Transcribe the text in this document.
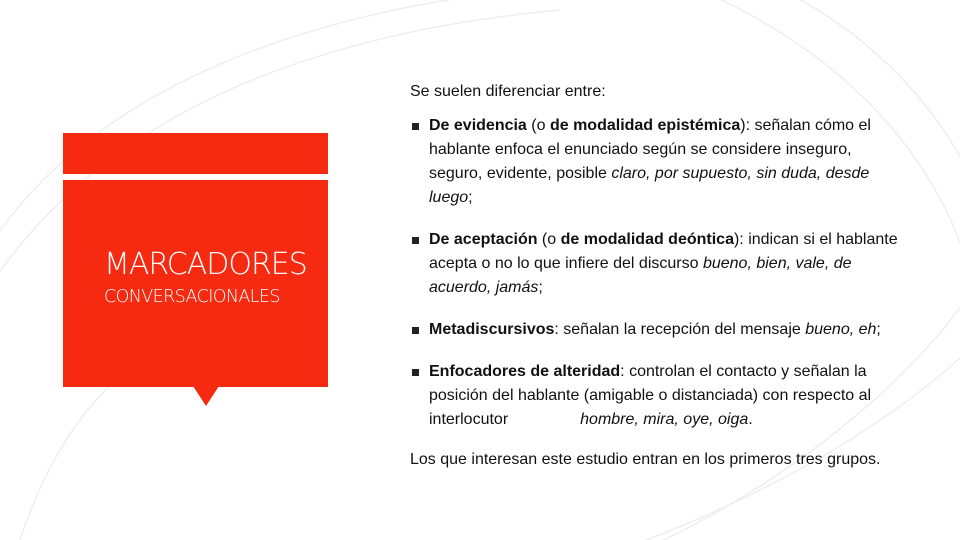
MARCADORES
CONVERSACIONALES

Se suelen diferenciar entre:

De evidencia (o de modalidad epistémica): señalan cómo el hablante enfoca el enunciado según se considere inseguro, seguro, evidente, posible claro, por supuesto, sin duda, desde luego;

De aceptación (o de modalidad deóntica): indican si el hablante acepta o no lo que infiere del discurso bueno, bien, vale, de acuerdo, jamás;

Metadiscursivos: señalan la recepción del mensaje bueno, eh;

Enfocadores de alteridad: controlan el contacto y señalan la posición del hablante (amigable o distanciada) con respecto al interlocutor	hombre, mira, oye, oiga.

Los que interesan este estudio entran en los primeros tres grupos.
